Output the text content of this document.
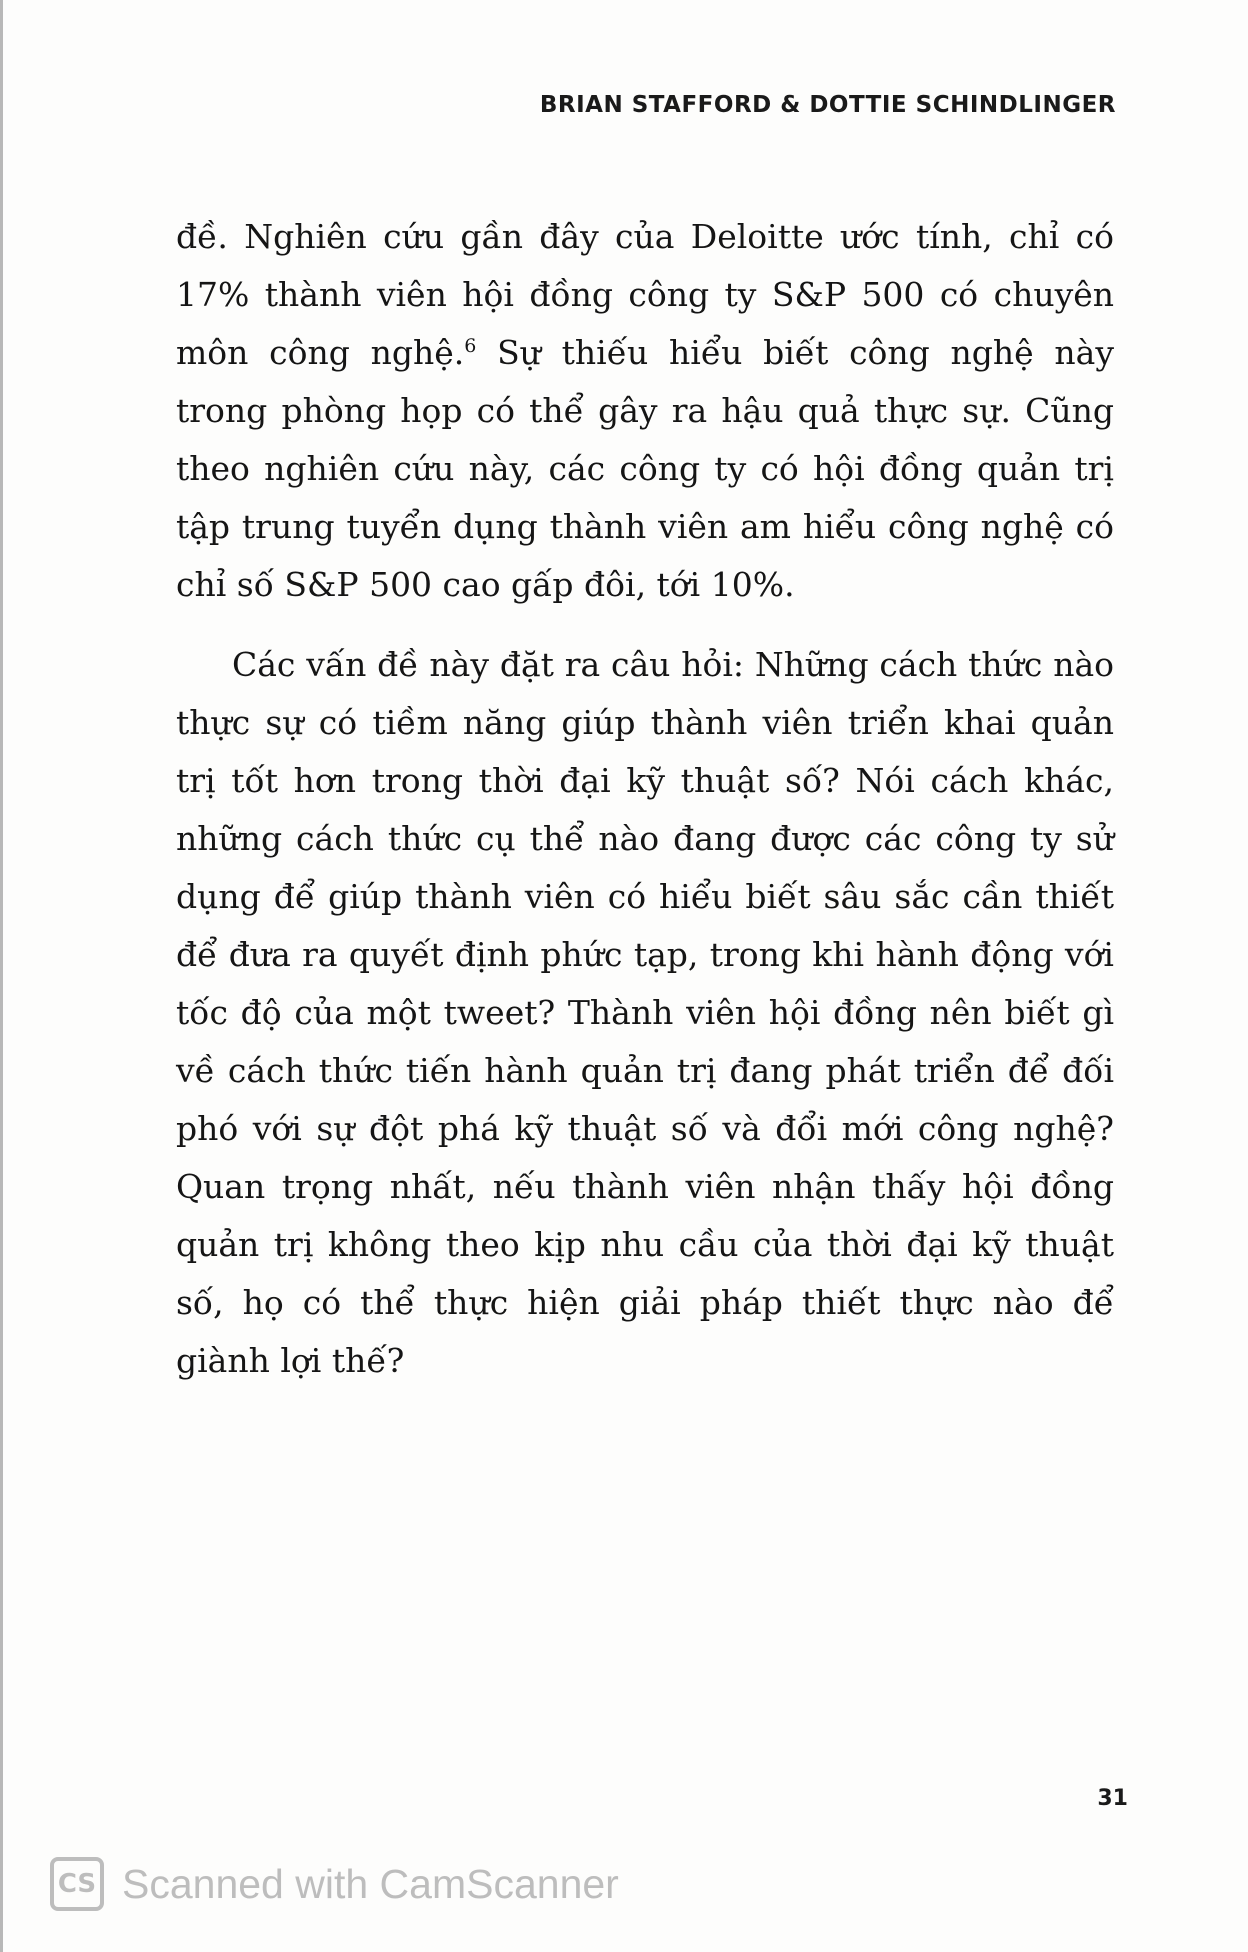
BRIAN STAFFORD & DOTTIE SCHINDLINGER

đề. Nghiên cứu gần đây của Deloitte ước tính, chỉ có 17% thành viên hội đồng công ty S&P 500 có chuyên môn công nghệ.$^6$ Sự thiếu hiểu biết công nghệ này trong phòng họp có thể gây ra hậu quả thực sự. Cũng theo nghiên cứu này, các công ty có hội đồng quản trị tập trung tuyển dụng thành viên am hiểu công nghệ có chỉ số S&P 500 cao gấp đôi, tới 10%.

Các vấn đề này đặt ra câu hỏi: Những cách thức nào thực sự có tiềm năng giúp thành viên triển khai quản trị tốt hơn trong thời đại kỹ thuật số? Nói cách khác, những cách thức cụ thể nào đang được các công ty sử dụng để giúp thành viên có hiểu biết sâu sắc cần thiết để đưa ra quyết định phức tạp, trong khi hành động với tốc độ của một tweet? Thành viên hội đồng nên biết gì về cách thức tiến hành quản trị đang phát triển để đối phó với sự đột phá kỹ thuật số và đổi mới công nghệ? Quan trọng nhất, nếu thành viên nhận thấy hội đồng quản trị không theo kịp nhu cầu của thời đại kỹ thuật số, họ có thể thực hiện giải pháp thiết thực nào để giành lợi thế?

31
CS Scanned with CamScanner
